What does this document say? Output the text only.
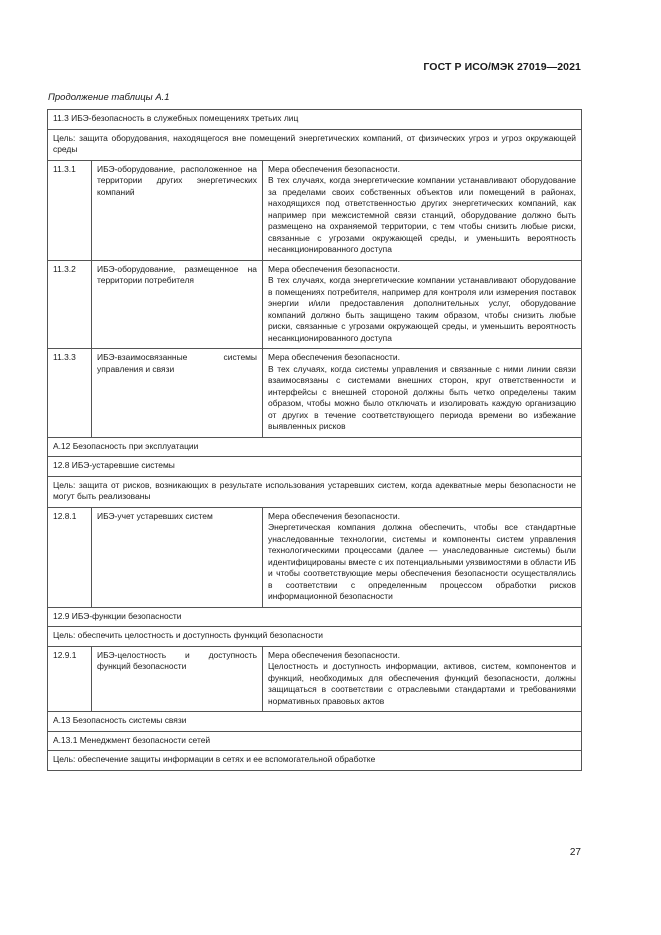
ГОСТ Р ИСО/МЭК 27019—2021
Продолжение таблицы А.1
11.3 ИБЭ-безопасность в служебных помещениях третьих лиц		
Цель: защита оборудования, находящегося вне помещений энергетических компаний, от физических угроз и угроз окружающей среды		
11.3.1	ИБЭ-оборудование, расположенное на территории других энергетических компаний	Мера обеспечения безопасности.

В тех случаях, когда энергетические компании устанавливают оборудование за пределами своих собственных объектов или помещений в районах, находящихся под ответственностью других энергетических компаний, как например при межсистемной связи станций, оборудование должно быть размещено на охраняемой территории, с тем чтобы снизить любые риски, связанные с угрозами окружающей среды, и уменьшить вероятность несанкционированного доступа

11.3.2	ИБЭ-оборудование, размещенное на территории потребителя	Мера обеспечения безопасности.

В тех случаях, когда энергетические компании устанавливают оборудование в помещениях потребителя, например для контроля или измерения поставок энергии и/или предоставления дополнительных услуг, оборудование компаний должно быть защищено таким образом, чтобы снизить любые риски, связанные с угрозами окружающей среды, и уменьшить вероятность несанкционированного доступа

11.3.3	ИБЭ-взаимосвязанные системы управления и связи	Мера обеспечения безопасности.

В тех случаях, когда системы управления и связанные с ними линии связи взаимосвязаны с системами внешних сторон, круг ответственности и интерфейсы с внешней стороной должны быть четко определены таким образом, чтобы можно было отключать и изолировать каждую организацию от других в течение соответствующего периода времени во избежание выявленных рисков

А.12 Безопасность при эксплуатации		
12.8 ИБЭ-устаревшие системы		
Цель: защита от рисков, возникающих в результате использования устаревших систем, когда адекватные меры безопасности не могут быть реализованы		
12.8.1	ИБЭ-учет устаревших систем	Мера обеспечения безопасности.

Энергетическая компания должна обеспечить, чтобы все стандартные унаследованные технологии, системы и компоненты систем управления технологическими процессами (далее — унаследованные системы) были идентифицированы вместе с их потенциальными уязвимостями в области ИБ и чтобы соответствующие меры обеспечения безопасности осуществлялись в соответствии с определенным процессом обработки рисков информационной безопасности

12.9 ИБЭ-функции безопасности		
Цель: обеспечить целостность и доступность функций безопасности		
12.9.1	ИБЭ-целостность и доступность функций безопасности	Мера обеспечения безопасности.

Целостность и доступность информации, активов, систем, компонентов и функций, необходимых для обеспечения функций безопасности, должны защищаться в соответствии с отраслевыми стандартами и требованиями нормативных правовых актов

А.13 Безопасность системы связи		
А.13.1 Менеджмент безопасности сетей		
Цель: обеспечение защиты информации в сетях и ее вспомогательной обработке		
27
